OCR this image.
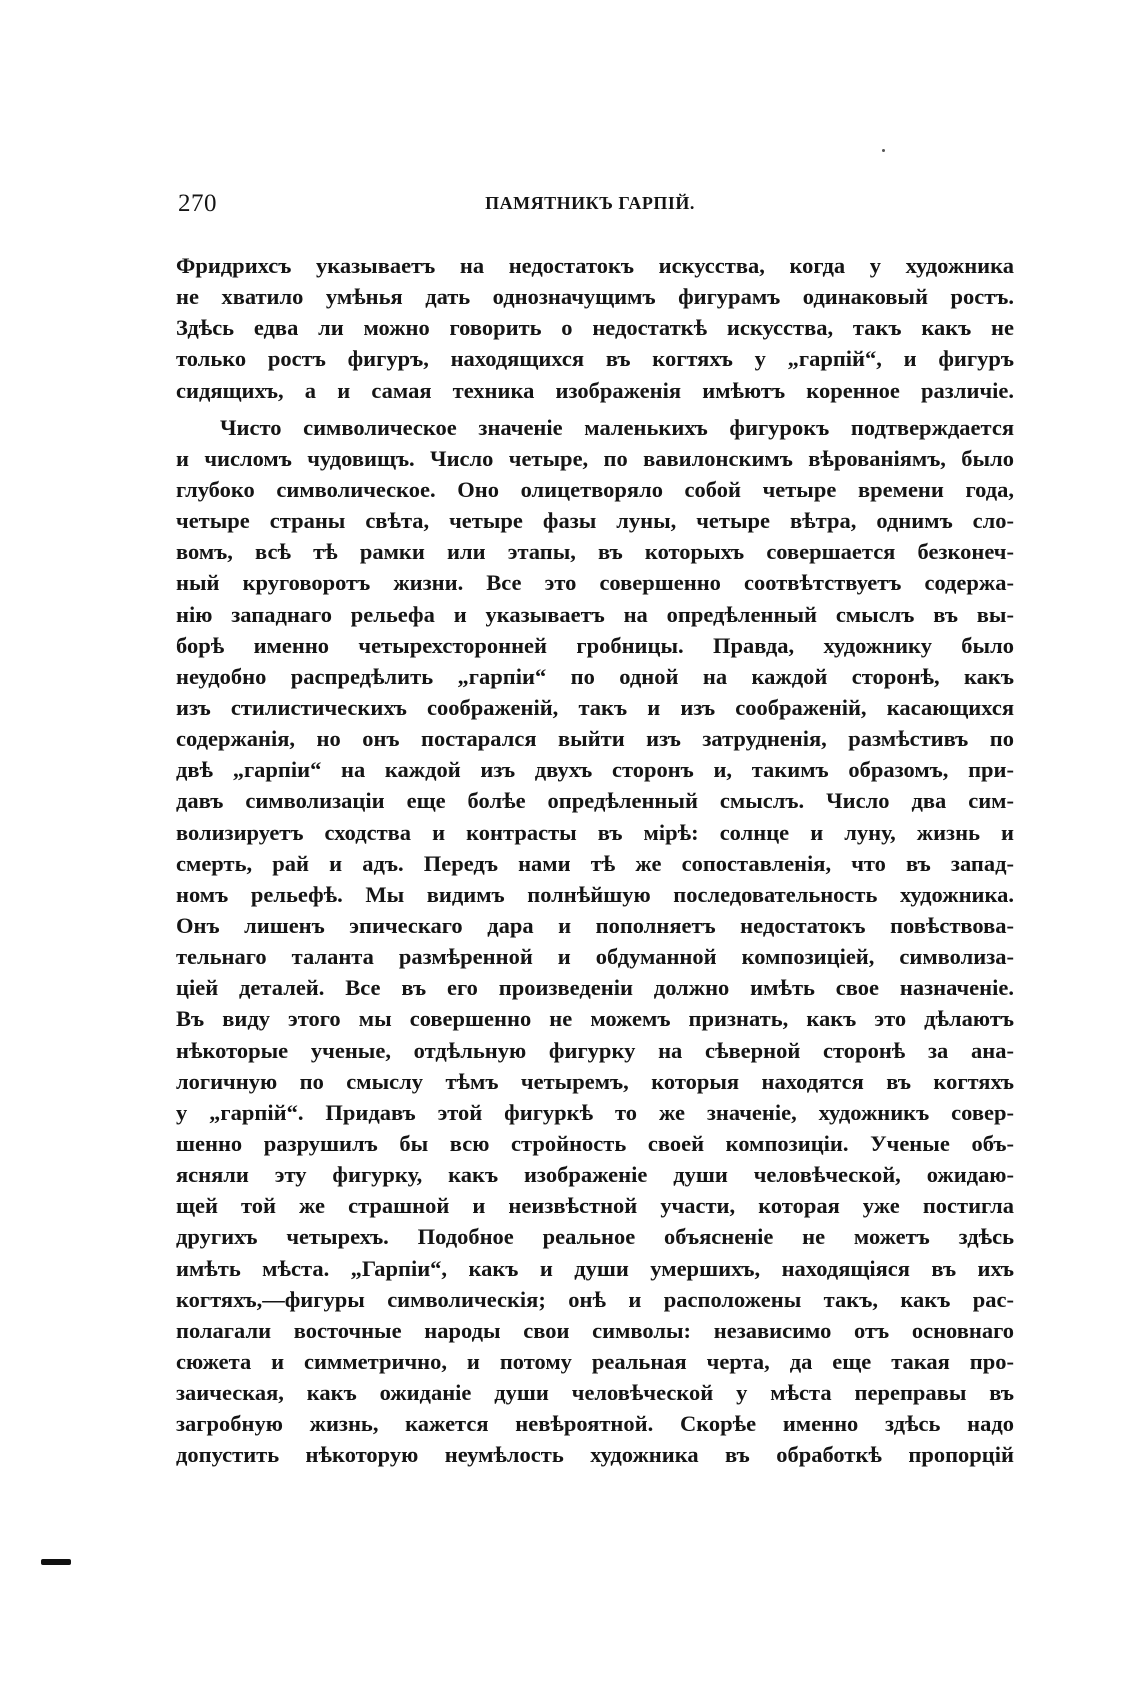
270	ПАМЯТНИКЪ ГАРПIЙ.
Фридрихсъ указываетъ на недостатокъ искусства, когда у художника
не хватило умѣнья дать однозначущимъ фигурамъ одинаковый ростъ.
Здѣсь едва ли можно говорить о недостаткѣ искусства, такъ какъ не
только ростъ фигуръ, находящихся въ когтяхъ у „гарпiй“, и фигуръ
сидящихъ, а и самая техника изображенiя имѣютъ коренное различiе.
Чисто символическое значенiе маленькихъ фигурокъ подтверждается
и числомъ чудовищъ. Число четыре, по вавилонскимъ вѣрованiямъ, было
глубоко символическое. Оно олицетворяло собой четыре времени года,
четыре страны свѣта, четыре фазы луны, четыре вѣтра, однимъ сло-
вомъ, всѣ тѣ рамки или этапы, въ которыхъ совершается безконеч-
ный круговоротъ жизни. Все это совершенно соотвѣтствуетъ содержа-
нiю западнаго рельефа и указываетъ на опредѣленный смыслъ въ вы-
борѣ именно четырехсторонней гробницы. Правда, художнику было
неудобно распредѣлить „гарпiи“ по одной на каждой сторонѣ, какъ
изъ стилистическихъ соображенiй, такъ и изъ соображенiй, касающихся
содержанiя, но онъ постарался выйти изъ затрудненiя, размѣстивъ по
двѣ „гарпiи“ на каждой изъ двухъ сторонъ и, такимъ образомъ, при-
давъ символизацiи еще болѣе опредѣленный смыслъ. Число два сим-
волизируетъ сходства и контрасты въ мiрѣ: солнце и луну, жизнь и
смерть, рай и адъ. Передъ нами тѣ же сопоставленiя, что въ запад-
номъ рельефѣ. Мы видимъ полнѣйшую последовательность художника.
Онъ лишенъ эпическаго дара и пополняетъ недостатокъ повѣствова-
тельнаго таланта размѣренной и обдуманной композицiей, символиза-
цiей деталей. Все въ его произведенiи должно имѣть свое назначенiе.
Въ виду этого мы совершенно не можемъ признать, какъ это дѣлаютъ
нѣкоторые ученые, отдѣльную фигурку на сѣверной сторонѣ за ана-
логичную по смыслу тѣмъ четыремъ, которыя находятся въ когтяхъ
у „гарпiй“. Придавъ этой фигуркѣ то же значенiе, художникъ совер-
шенно разрушилъ бы всю стройность своей композицiи. Ученые объ-
ясняли эту фигурку, какъ изображенiе души человѣческой, ожидаю-
щей той же страшной и неизвѣстной участи, которая уже постигла
другихъ четырехъ. Подобное реальное объясненiе не можетъ здѣсь
имѣть мѣста. „Гарпiи“, какъ и души умершихъ, находящiяся въ ихъ
когтяхъ,—фигуры символическiя; онѣ и расположены такъ, какъ рас-
полагали восточные народы свои символы: независимо отъ основнаго
сюжета и симметрично, и потому реальная черта, да еще такая про-
заическая, какъ ожиданiе души человѣческой у мѣста переправы въ
загробную жизнь, кажется невѣроятной. Скорѣе именно здѣсь надо
допустить нѣкоторую неумѣлость художника въ обработкѣ пропорцiй
